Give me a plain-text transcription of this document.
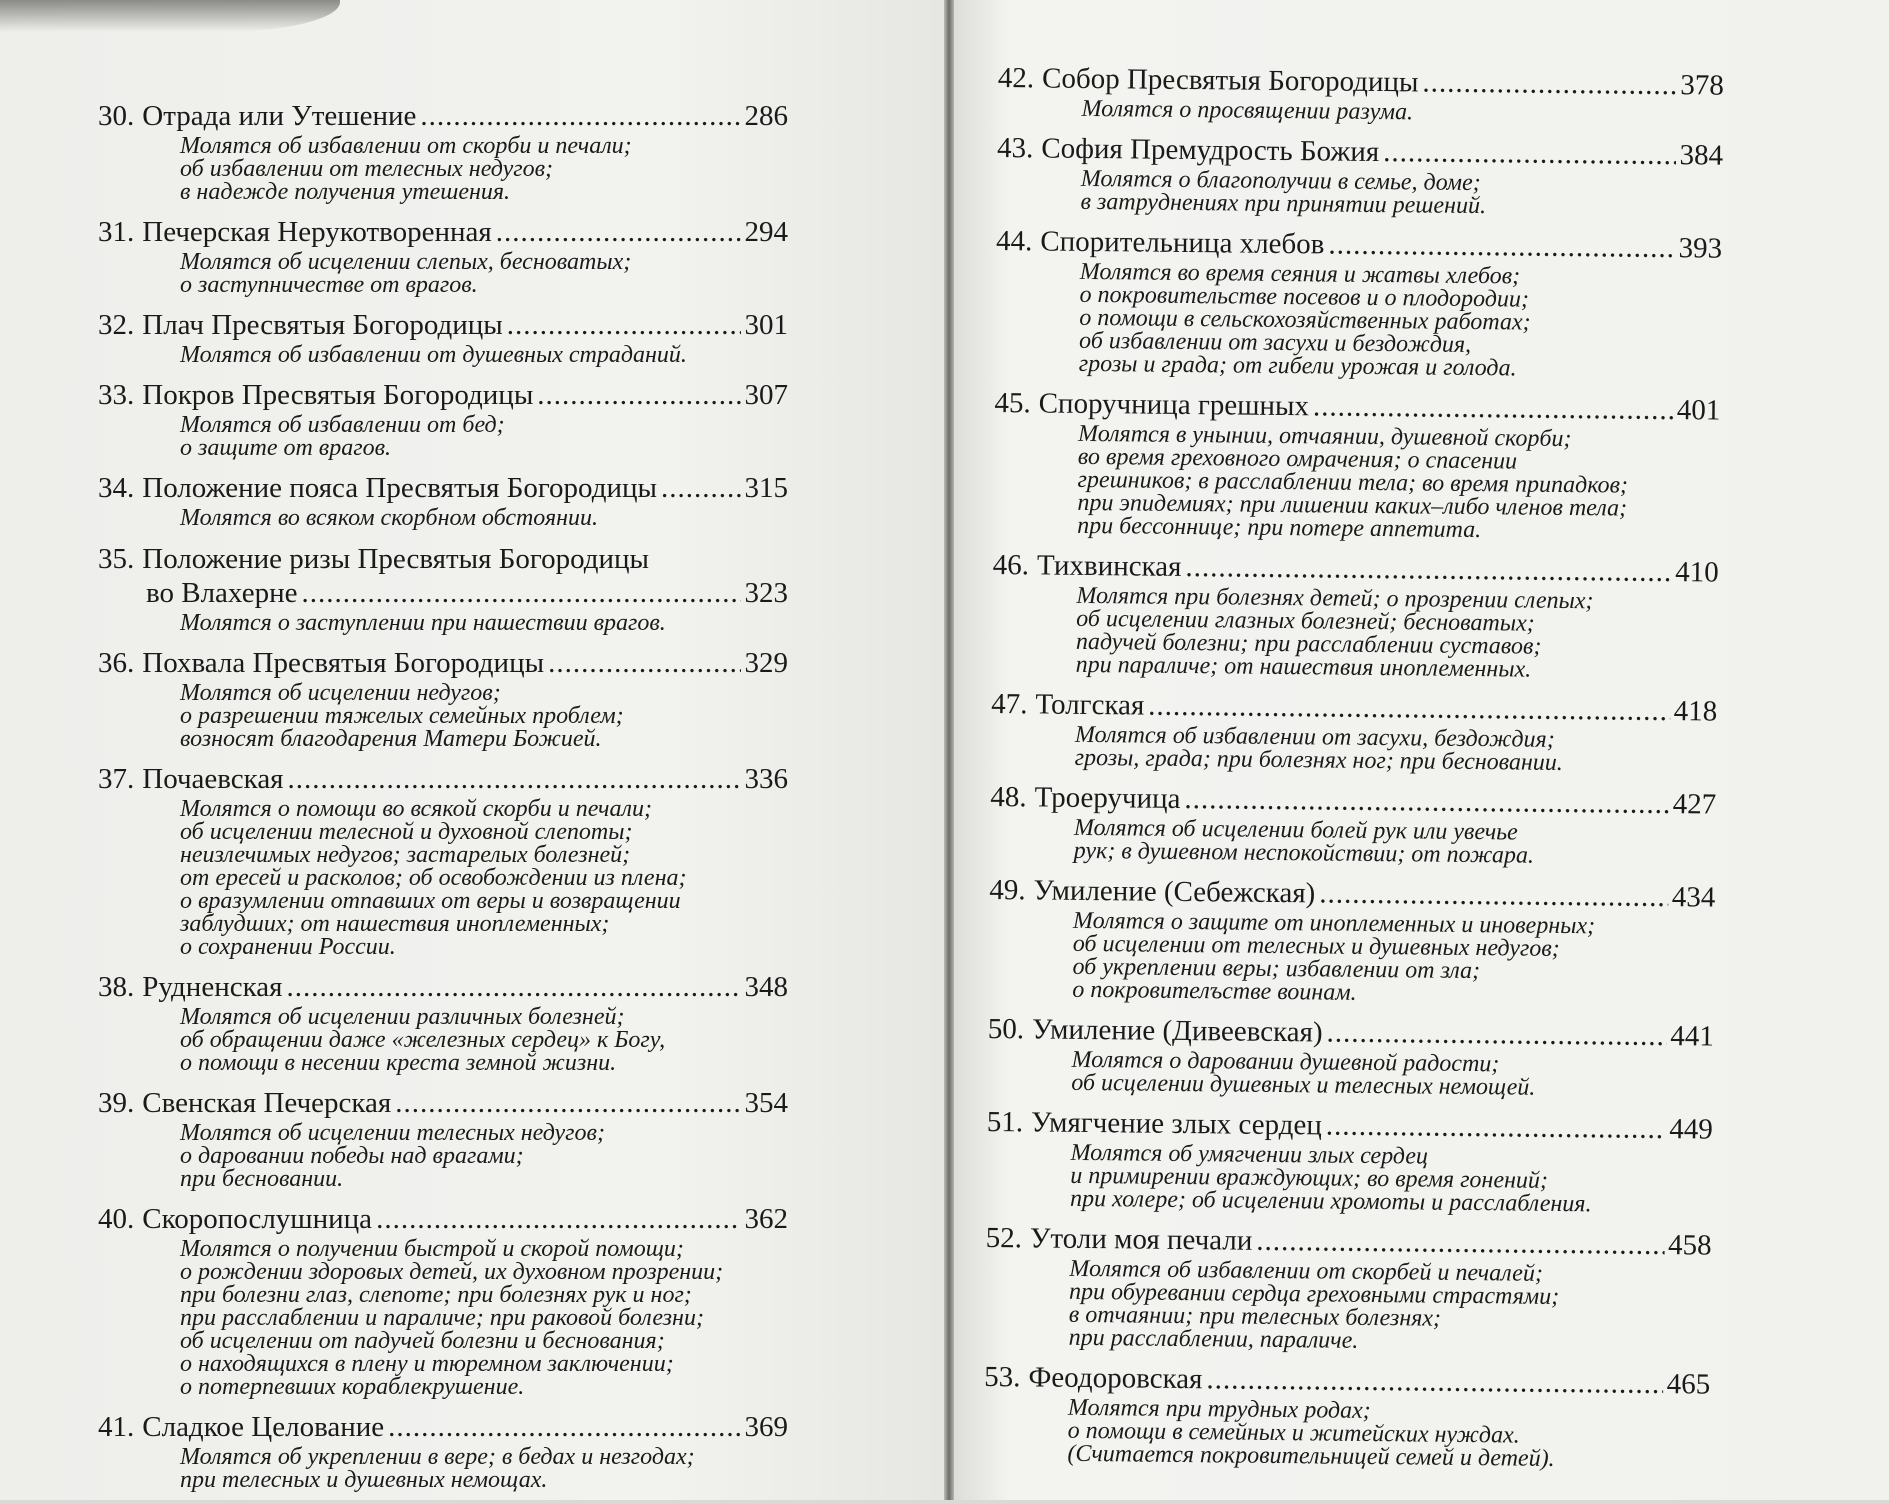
30. Отрада или Утешение .....	286
Молятся об избавлении от скорби и печали;
об избавлении от телесных недугов;
в надежде получения утешения.
31. Печерская Нерукотворенная .....	294
Молятся об исцелении слепых, бесноватых;
о заступничестве от врагов.
32. Плач Пресвятыя Богородицы .....	301
Молятся об избавлении от душевных страданий.
33. Покров Пресвятыя Богородицы .....	307
Молятся об избавлении от бед;
о защите от врагов.
34. Положение пояса Пресвятыя Богородицы .....	315
Молятся во всяком скорбном обстоянии.
35. Положение ризы Пресвятыя Богородицы
во Влахерне .....	323
Молятся о заступлении при нашествии врагов.
36. Похвала Пресвятыя Богородицы .....	329
Молятся об исцелении недугов;
о разрешении тяжелых семейных проблем;
возносят благодарения Матери Божией.
37. Почаевская .....	336
Молятся о помощи во всякой скорби и печали;
об исцелении телесной и духовной слепоты;
неизлечимых недугов; застарелых болезней;
от ересей и расколов; об освобождении из плена;
о вразумлении отпавших от веры и возвращении
заблудших; от нашествия иноплеменных;
о сохранении России.
38. Рудненская .....	348
Молятся об исцелении различных болезней;
об обращении даже «железных сердец» к Богу,
о помощи в несении креста земной жизни.
39. Свенская Печерская .....	354
Молятся об исцелении телесных недугов;
о даровании победы над врагами;
при бесновании.
40. Скоропослушница .....	362
Молятся о получении быстрой и скорой помощи;
о рождении здоровых детей, их духовном прозрении;
при болезни глаз, слепоте; при болезнях рук и ног;
при расслаблении и параличе; при раковой болезни;
об исцелении от падучей болезни и беснования;
о находящихся в плену и тюремном заключении;
о потерпевших кораблекрушение.
41. Сладкое Целование .....	369
Молятся об укреплении в вере; в бедах и незгодах;
при телесных и душевных немощах.
42. Собор Пресвятыя Богородицы .....	378
Молятся о просвящении разума.
43. София Премудрость Божия .....	384
Молятся о благополучии в семье, доме;
в затруднениях при принятии решений.
44. Спорительница хлебов .....	393
Молятся во время сеяния и жатвы хлебов;
о покровительстве посевов и о плодородии;
о помощи в сельскохозяйственных работах;
об избавлении от засухи и бездождия,
грозы и града; от гибели урожая и голода.
45. Споручница грешных .....	401
Молятся в унынии, отчаянии, душевной скорби;
во время греховного омрачения; о спасении
грешников; в расслаблении тела; во время припадков;
при эпидемиях; при лишении каких–либо членов тела;
при бессоннице; при потере аппетита.
46. Тихвинская .....	410
Молятся при болезнях детей; о прозрении слепых;
об исцелении глазных болезней; бесноватых;
падучей болезни; при расслаблении суставов;
при параличе; от нашествия иноплеменных.
47. Толгская .....	418
Молятся об избавлении от засухи, бездождия;
грозы, града; при болезнях ног; при бесновании.
48. Троеручица .....	427
Молятся об исцелении болей рук или увечье
рук; в душевном неспокойствии; от пожара.
49. Умиление (Себежская) .....	434
Молятся о защите от иноплеменных и иноверных;
об исцелении от телесных и душевных недугов;
об укреплении веры; избавлении от зла;
о покровителъстве воинам.
50. Умиление (Дивеевская) .....	441
Молятся о даровании душевной радости;
об исцелении душевных и телесных немощей.
51. Умягчение злых сердец .....	449
Молятся об умягчении злых сердец
и примирении враждующих; во время гонений;
при холере; об исцелении хромоты и расслабления.
52. Утоли моя печали .....	458
Молятся об избавлении от скорбей и печалей;
при обуревании сердца греховными страстями;
в отчаянии; при телесных болезнях;
при расслаблении, параличе.
53. Феодоровская .....	465
Молятся при трудных родах;
о помощи в семейных и житейских нуждах.
(Считается покровительницей семей и детей).
